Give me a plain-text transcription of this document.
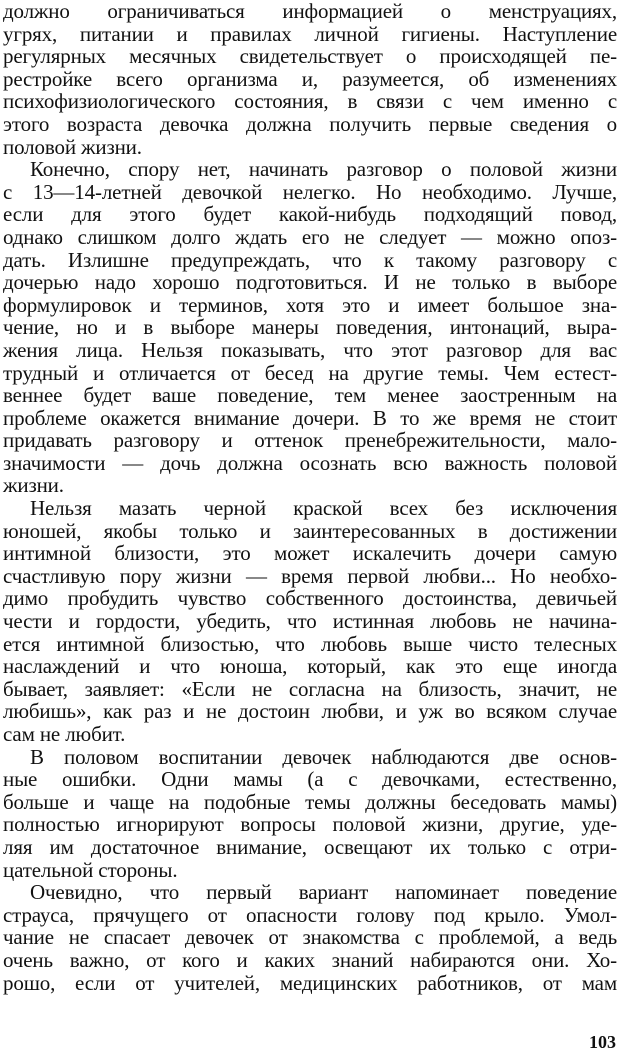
должно ограничиваться информацией о менструациях,
угрях, питании и правилах личной гигиены. Наступление
регулярных месячных свидетельствует о происходящей пе-
рестройке всего организма и, разумеется, об изменениях
психофизиологического состояния, в связи с чем именно с
этого возраста девочка должна получить первые сведения о
половой жизни.
Конечно, спору нет, начинать разговор о половой жизни
с 13—14-летней девочкой нелегко. Но необходимо. Лучше,
если для этого будет какой-нибудь подходящий повод,
однако слишком долго ждать его не следует — можно опоз-
дать. Излишне предупреждать, что к такому разговору с
дочерью надо хорошо подготовиться. И не только в выборе
формулировок и терминов, хотя это и имеет большое зна-
чение, но и в выборе манеры поведения, интонаций, выра-
жения лица. Нельзя показывать, что этот разговор для вас
трудный и отличается от бесед на другие темы. Чем естест-
веннее будет ваше поведение, тем менее заостренным на
проблеме окажется внимание дочери. В то же время не стоит
придавать разговору и оттенок пренебрежительности, мало-
значимости — дочь должна осознать всю важность половой
жизни.
Нельзя мазать черной краской всех без исключения
юношей, якобы только и заинтересованных в достижении
интимной близости, это может искалечить дочери самую
счастливую пору жизни — время первой любви... Но необхо-
димо пробудить чувство собственного достоинства, девичьей
чести и гордости, убедить, что истинная любовь не начина-
ется интимной близостью, что любовь выше чисто телесных
наслаждений и что юноша, который, как это еще иногда
бывает, заявляет: «Если не согласна на близость, значит, не
любишь», как раз и не достоин любви, и уж во всяком случае
сам не любит.
В половом воспитании девочек наблюдаются две основ-
ные ошибки. Одни мамы (а с девочками, естественно,
больше и чаще на подобные темы должны беседовать мамы)
полностью игнорируют вопросы половой жизни, другие, уде-
ляя им достаточное внимание, освещают их только с отри-
цательной стороны.
Очевидно, что первый вариант напоминает поведение
страуса, прячущего от опасности голову под крыло. Умол-
чание не спасает девочек от знакомства с проблемой, а ведь
очень важно, от кого и каких знаний набираются они. Хо-
рошо, если от учителей, медицинских работников, от мам
103
